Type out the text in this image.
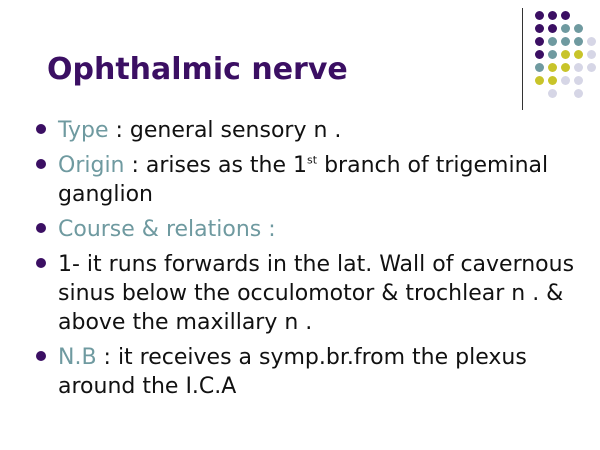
Ophthalmic nerve
Type : general sensory n .
Origin : arises as the 1st branch of trigeminal ganglion
Course & relations :
1- it runs forwards in the lat. Wall of cavernous sinus below the occulomotor & trochlear n . & above the maxillary n .
N.B : it receives a symp.br.from the plexus around the I.C.A
